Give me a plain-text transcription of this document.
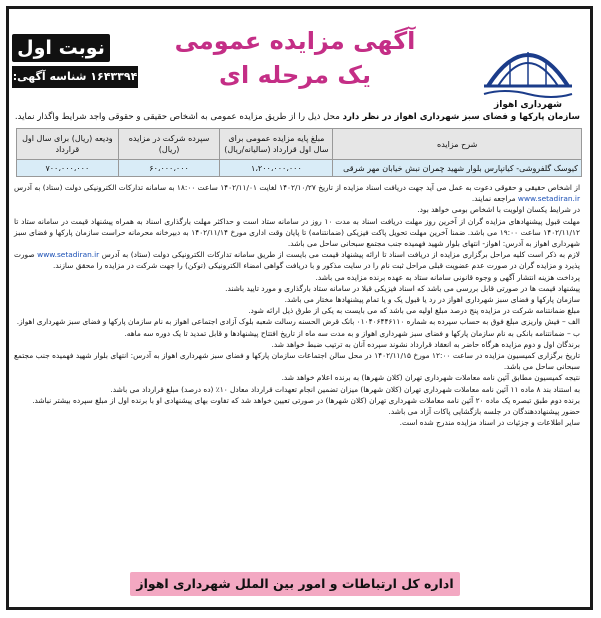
نوبت اول
۱۶۴۳۳۹۴ شناسه آگهی:
آگهی مزایده عمومی
یک مرحله ای
شهرداری اهواز
سازمان پارکها و فضای سبز شهرداری اهواز در نظر دارد محل ذیل را از طریق مزایده عمومی به اشخاص حقیقی و حقوقی واجد شرایط واگذار نماید.
شرح مزایده	مبلغ پایه مزایده عمومی برای سال اول قرارداد (سالیانه/ریال)	سپرده شرکت در مزایده (ریال)	ودیعه (ریال) برای سال اول قرارداد
کیوسک گلفروشی- کیانپارس بلوار شهید چمران نبش خیابان مهر شرقی	۱،۲۰۰،۰۰۰،۰۰۰	۶۰،۰۰۰،۰۰۰	۷۰۰،۰۰۰،۰۰۰

از اشخاص حقیقی و حقوقی دعوت به عمل می آید جهت دریافت اسناد مزایده از تاریخ ۱۴۰۲/۱۰/۲۷ لغایت ۱۴۰۲/۱۱/۰۱ ساعت ۱۸:۰۰ به سامانه تدارکات الکترونیکی دولت (ستاد) به آدرس www.setadiran.ir مراجعه نمایند.

در شرایط یکسان اولویت با اشخاص بومی خواهد بود.

مهلت قبول پیشنهادهای مزایده گران از آخرین روز مهلت دریافت اسناد به مدت ۱۰ روز در سامانه ستاد است و حداکثر مهلت بارگذاری اسناد به همراه پیشنهاد قیمت در سامانه ستاد تا ۱۴۰۲/۱۱/۱۲ ساعت ۱۹:۰۰ می باشد. ضمنا آخرین مهلت تحویل پاکت فیزیکی (ضمانتنامه) تا پایان وقت اداری مورخ ۱۴۰۲/۱۱/۱۴ به دبیرخانه محرمانه حراست سازمان پارکها و فضای سبز شهرداری اهواز به آدرس: اهواز- انتهای بلوار شهید فهمیده جنب مجتمع سبحانی ساحل می باشد.

لازم به ذکر است کلیه مراحل برگزاری مزایده از دریافت اسناد تا ارائه پیشنهاد قیمت می بایست از طریق سامانه تدارکات الکترونیکی دولت (ستاد) به آدرس www.setadiran.ir صورت پذیرد و مزایده گران در صورت عدم عضویت قبلی مراحل ثبت نام را در سایت مذکور و با دریافت گواهی امضاء الکترونیکی (توکن) را جهت شرکت در مزایده را محقق سازند.

پرداخت هزینه انتشار آگهی و وجوه قانونی سامانه ستاد به عهده برنده مزایده می باشد.

پیشنهاد قیمت ها در صورتی قابل بررسی می باشد که اسناد فیزیکی قبلا در سامانه ستاد بارگذاری و مورد تایید باشند.

سازمان پارکها و فضای سبز شهرداری اهواز در رد یا قبول یک و یا تمام پیشنهادها مختار می باشد.

مبلغ ضمانتنامه شرکت در مزایده پنج درصد مبلغ اولیه می باشد که می بایست به یکی از طرق ذیل ارائه شود.

الف – فیش واریزی مبلغ فوق به حساب سپرده به شماره ۰۱۰۴۰۶۴۴۶۱۱۰ بانک قرض الحسنه رسالت شعبه بلوک آزادی اجتماعی اهواز به نام سازمان پارکها و فضای سبز شهرداری اهواز.

ب – ضمانتنامه بانکی به نام سازمان پارکها و فضای سبز شهرداری اهواز و به مدت سه ماه از تاریخ افتتاح پیشنهادها و قابل تمدید تا یک دوره سه ماهه.

برندگان اول و دوم مزایده هرگاه حاضر به انعقاد قرارداد نشوند سپرده آنان به ترتیب ضبط خواهد شد.

تاریخ برگزاری کمیسیون مزایده در ساعت ۱۲:۰۰ مورخ ۱۴۰۲/۱۱/۱۵ در محل سالن اجتماعات سازمان پارکها و فضای سبز شهرداری اهواز به آدرس: انتهای بلوار شهید فهمیده جنب مجتمع سبحانی ساحل می باشد.

نتیجه کمیسیون مطابق آئین نامه معاملات شهرداری تهران (کلان شهرها) به برنده اعلام خواهد شد.

به استناد بند ۸ ماده ۱۱ آئین نامه معاملات شهرداری تهران (کلان شهرها) میزان تضمین انجام تعهدات قرارداد معادل ۱۰٪ (ده درصد) مبلغ قرارداد می باشد.

برنده دوم طبق تبصره یک ماده ۲۰ آئین نامه معاملات شهرداری تهران (کلان شهرها) در صورتی تعیین خواهد شد که تفاوت بهای پیشنهادی او با برنده اول از مبلغ سپرده بیشتر نباشد.

حضور پیشنهاددهندگان در جلسه بازگشایی پاکات آزاد می باشد.

سایر اطلاعات و جزئیات در اسناد مزایده مندرج شده است.

اداره کل ارتباطات و امور بین الملل شهرداری اهواز
